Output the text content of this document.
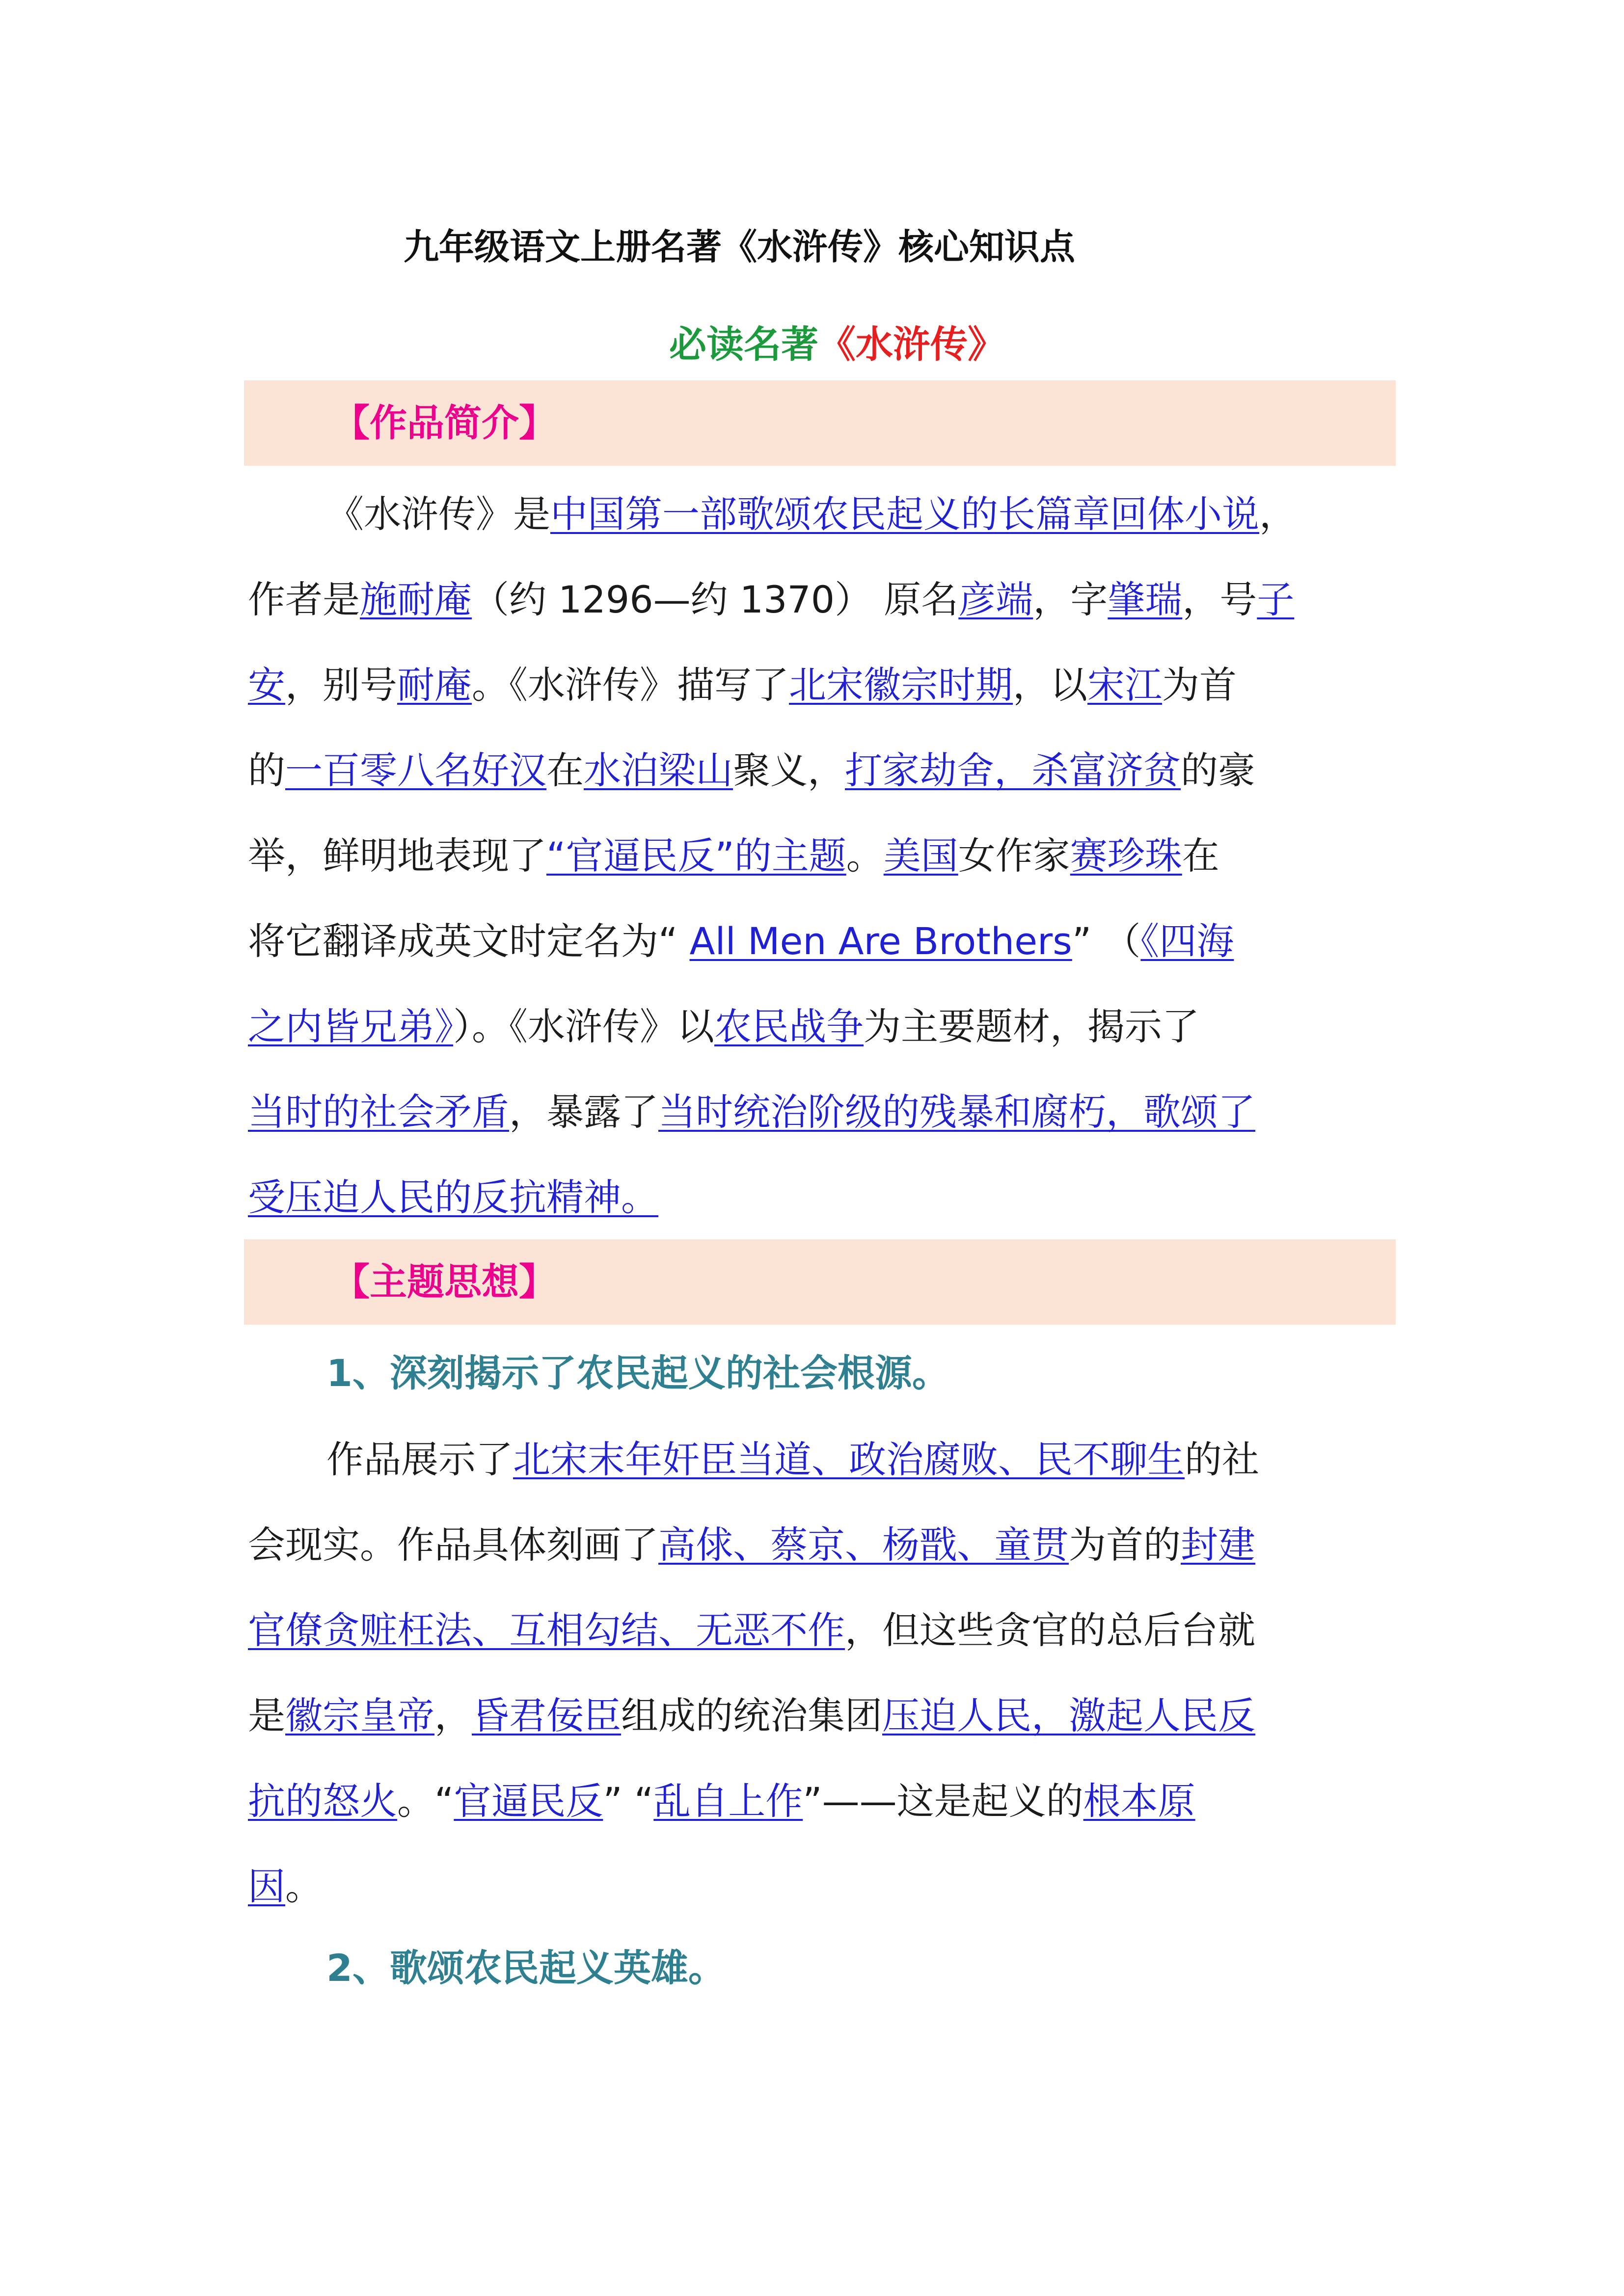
九年级语文上册名著《水浒传》核心知识点
必读名著《水浒传》
【作品简介】
《水浒传》是中国第一部歌颂农民起义的长篇章回体小说，
作者是施耐庵（约 1296—约 1370） 原名彦端，字肇瑞，号子
安，别号耐庵。《水浒传》描写了北宋徽宗时期，以宋江为首
的一百零八名好汉在水泊梁山聚义，打家劫舍，杀富济贫的豪
举，鲜明地表现了“官逼民反”的主题。美国女作家赛珍珠在
将它翻译成英文时定名为“ All Men Are Brothers” （《四海
之内皆兄弟》）。《水浒传》以农民战争为主要题材，揭示了
当时的社会矛盾，暴露了当时统治阶级的残暴和腐朽，歌颂了
受压迫人民的反抗精神。
【主题思想】
1、深刻揭示了农民起义的社会根源。
作品展示了北宋末年奸臣当道、政治腐败、民不聊生的社
会现实。作品具体刻画了高俅、蔡京、杨戬、童贯为首的封建
官僚贪赃枉法、互相勾结、无恶不作，但这些贪官的总后台就
是徽宗皇帝，昏君佞臣组成的统治集团压迫人民，激起人民反
抗的怒火。“官逼民反” “乱自上作”——这是起义的根本原
因。
2、歌颂农民起义英雄。
